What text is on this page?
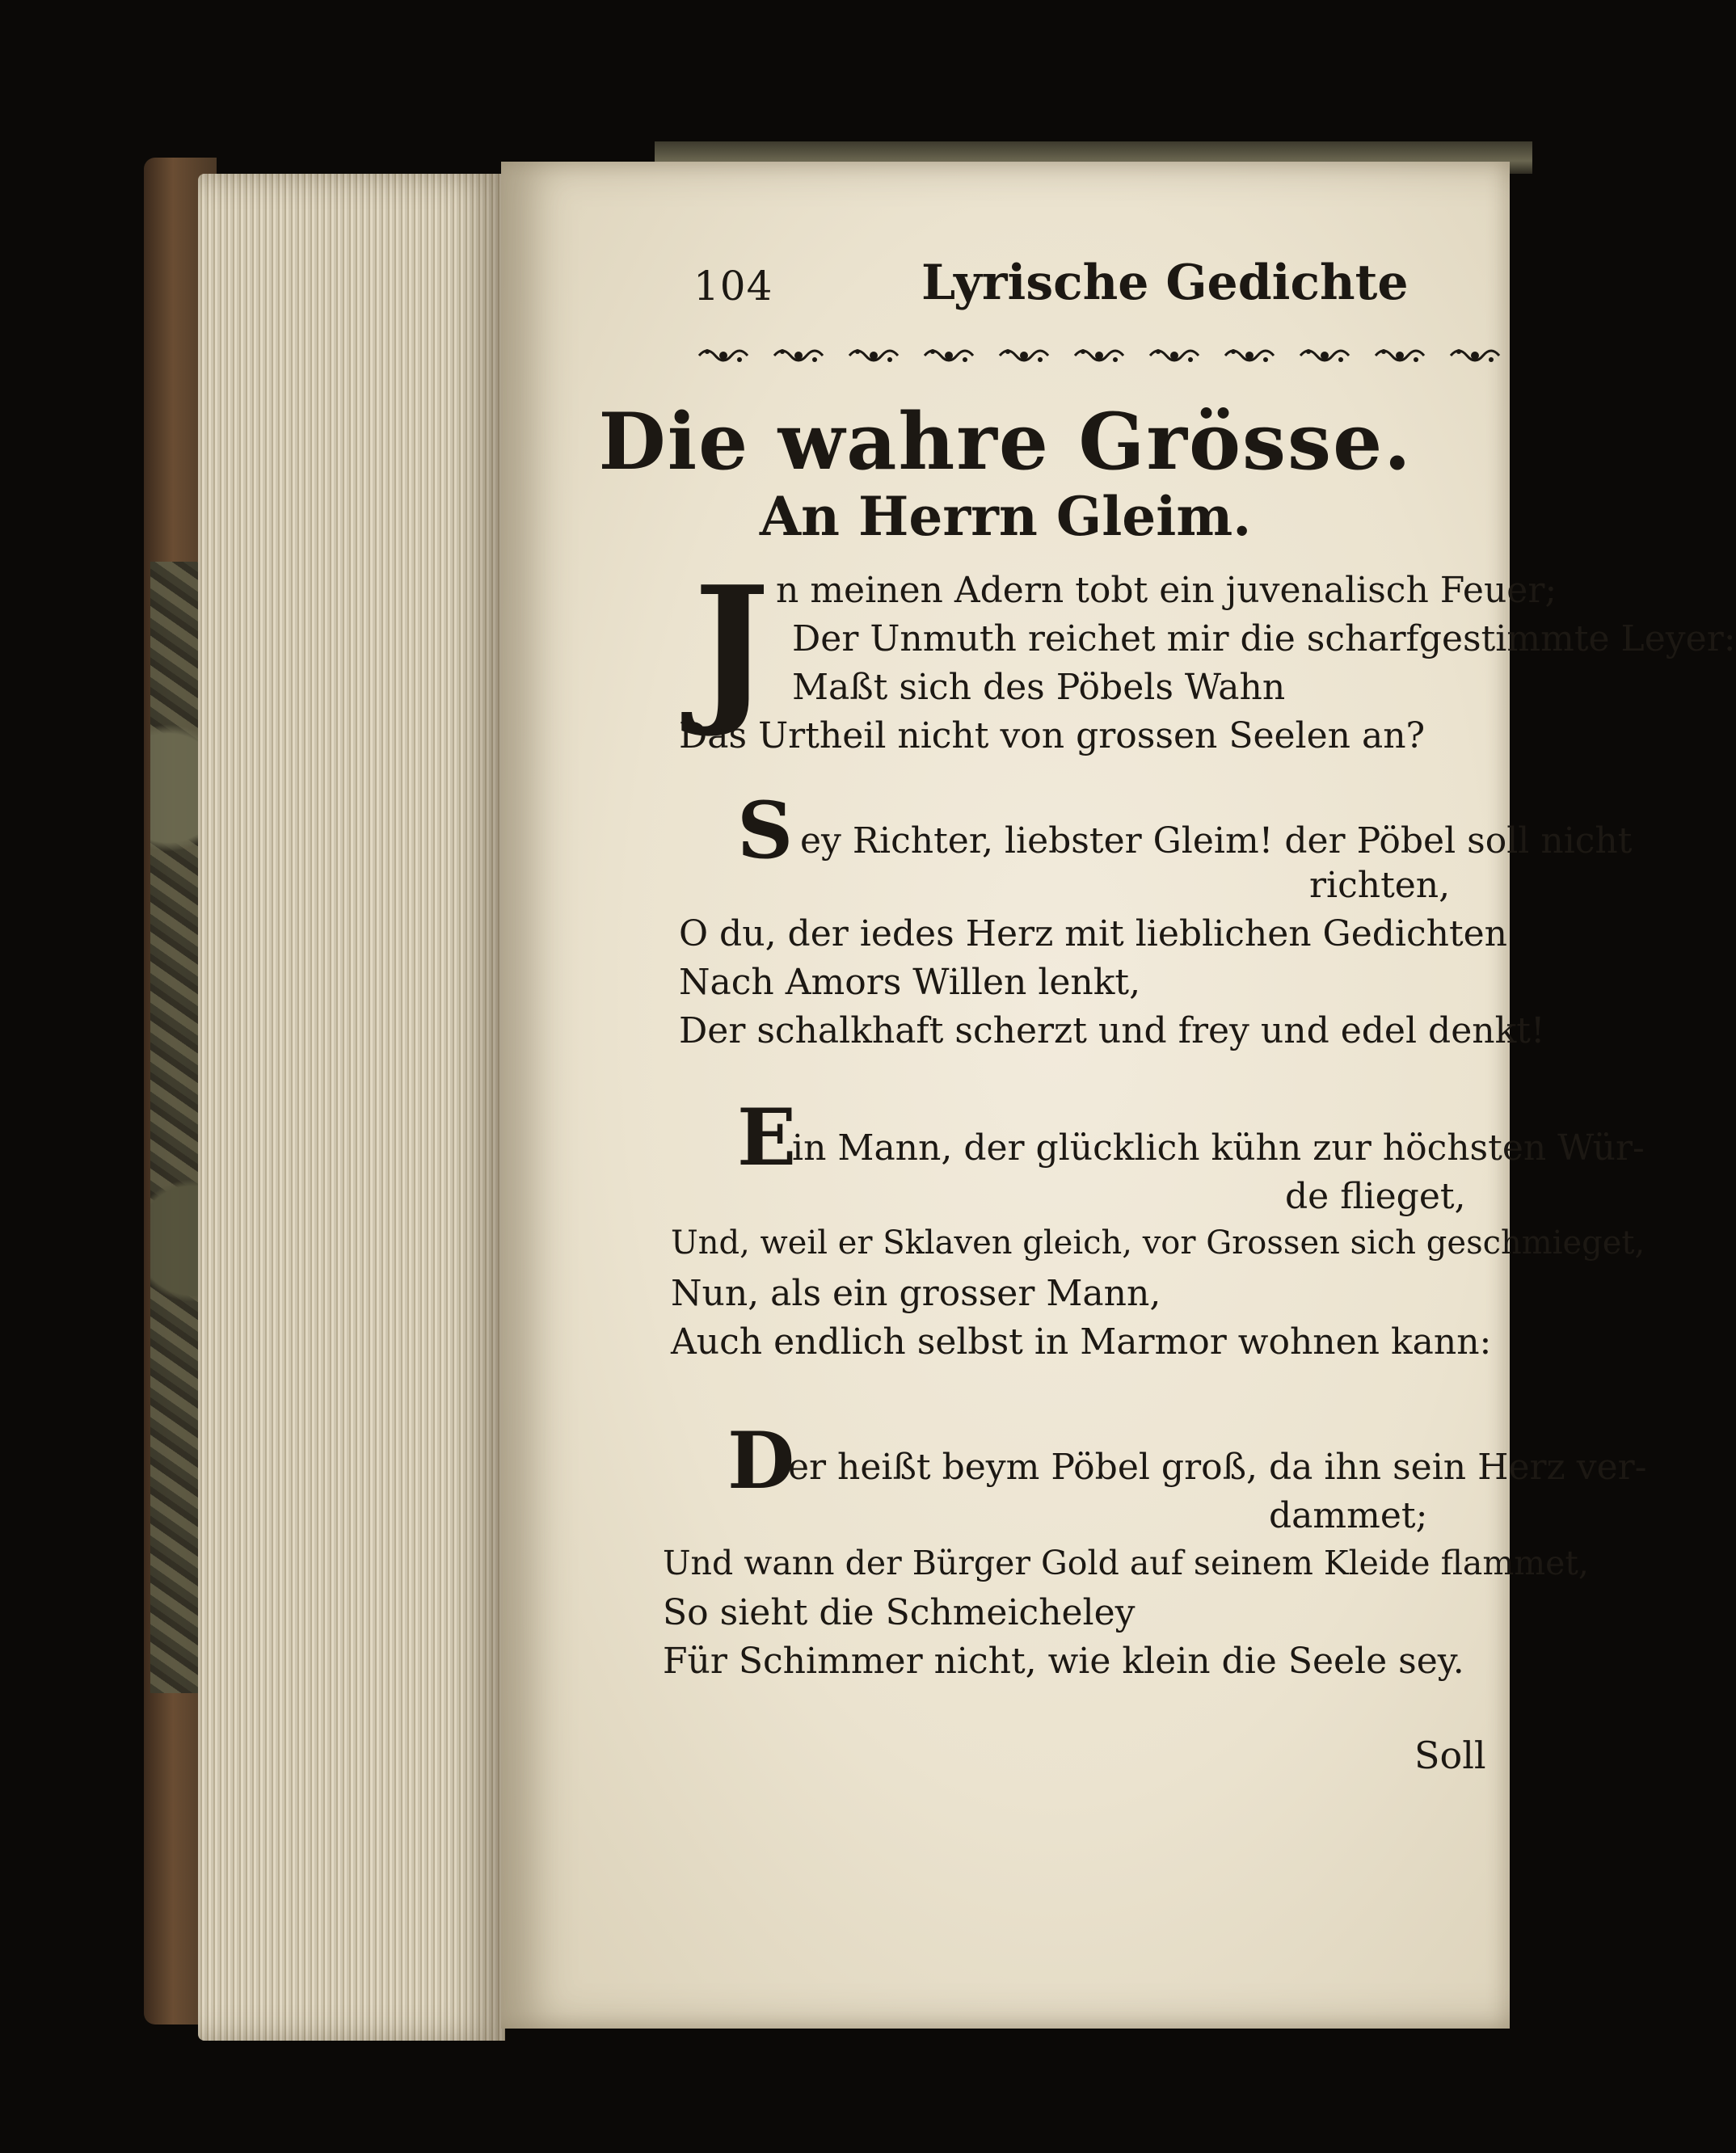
104	Lyrische Gedichte
Die wahre Grösse.
An Herrn Gleim.
J n meinen Adern tobt ein juvenalisch Feuer;
Der Unmuth reichet mir die scharfgestimmte Leyer:
Maßt sich des Pöbels Wahn
Das Urtheil nicht von grossen Seelen an?
S ey Richter, liebster Gleim! der Pöbel soll nicht
richten,
O du, der iedes Herz mit lieblichen Gedichten
Nach Amors Willen lenkt,
Der schalkhaft scherzt und frey und edel denkt!
E
in Mann, der glücklich kühn zur höchsten Wür-
de flieget,
Und, weil er Sklaven gleich, vor Grossen sich geschmieget,
Nun, als ein grosser Mann,
Auch endlich selbst in Marmor wohnen kann:
D
er heißt beym Pöbel groß, da ihn sein Herz ver-
dammet;
Und wann der Bürger Gold auf seinem Kleide flammet,
So sieht die Schmeicheley
Für Schimmer nicht, wie klein die Seele sey.
Soll
